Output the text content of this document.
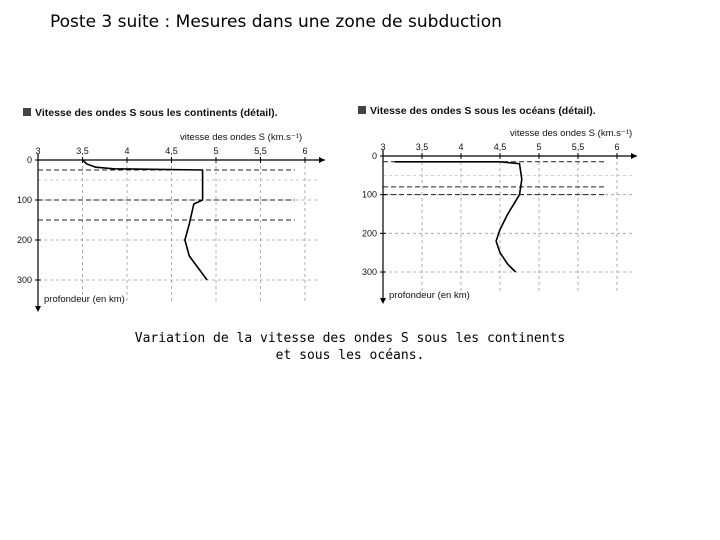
Poste 3 suite : Mesures dans une zone de subduction
Vitesse des ondes S sous les continents (détail).
3	3,5	4	4,5	5	5,5	6
0
100
200
300
vitesse des ondes S (km.s⁻¹)
profondeur (en km)
Vitesse des ondes S sous les océans (détail).
3	3,5	4	4,5	5	5,5	6
0
100
200
300
vitesse des ondes S (km.s⁻¹)
profondeur (en km)
Variation de la vitesse des ondes S sous les continents
et sous les océans.
